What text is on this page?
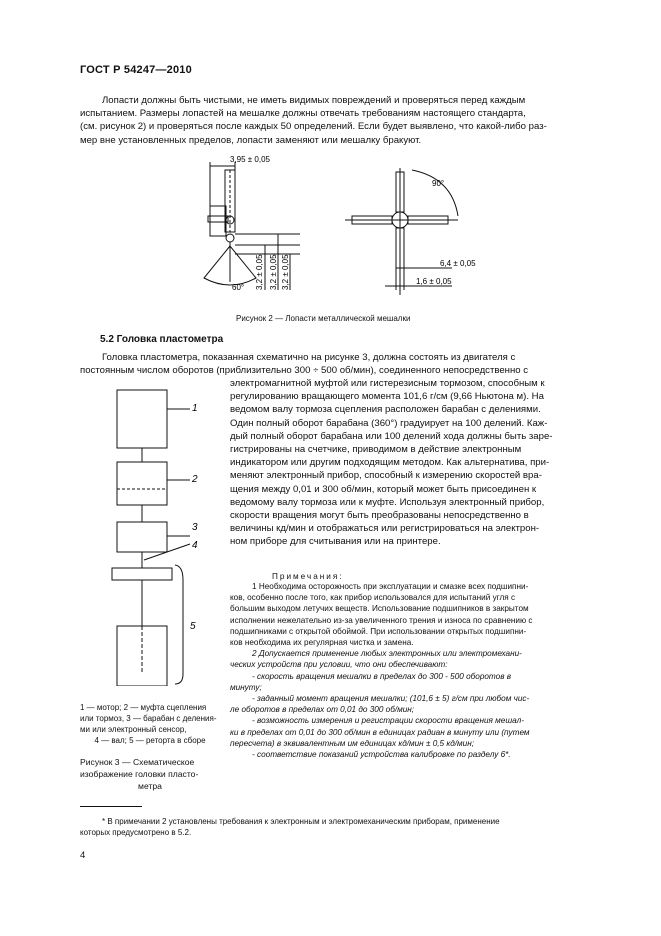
ГОСТ Р 54247—2010

Лопасти должны быть чистыми, не иметь видимых повреждений и проверяться перед каждым

испытанием. Размеры лопастей на мешалке должны отвечать требованиям настоящего стандарта,

(см. рисунок 2) и проверяться после каждых 50 определений. Если будет выявлено, что какой-либо раз-

мер вне установленных пределов, лопасти заменяют или мешалку бракуют.

3,95 ± 0,05
60°
90°
6,4 ± 0,05
1,6 ± 0,05
3,2 ± 0,05 3,2 ± 0,05 3,2 ± 0,05
Рисунок 2 — Лопасти металлической мешалки
5.2 Головка пластометра

Головка пластометра, показанная схематично на рисунке 3, должна состоять из двигателя с

постоянным числом оборотов (приблизительно 300 ÷ 500 об/мин), соединенного непосредственно с

электромагнитной муфтой или гистерезисным тормозом, способным к

регулированию вращающего момента 101,6 г/см (9,66 Ньютона м). На

ведомом валу тормоза сцепления расположен барабан с делениями.

Один полный оборот барабана (360°) градуирует на 100 делений. Каж-

дый полный оборот барабана или 100 делений хода должны быть заре-

гистрированы на счетчике, приводимом в действие электронным

индикатором или другим подходящим методом. Как альтернатива, при-

меняют электронный прибор, способный к измерению скоростей вра-

щения между 0,01 и 300 об/мин, который может быть присоединен к

ведомому валу тормоза или к муфте. Используя электронный прибор,

скорости вращения могут быть преобразованы непосредственно в

величины кд/мин и отображаться или регистрироваться на электрон-

ном приборе для считывания или на принтере.

Примечания:

1 Необходима осторожность при эксплуатации и смазке всех подшипни-

ков, особенно после того, как прибор использовался для испытаний угля с

большим выходом летучих веществ. Использование подшипников в закрытом

исполнении нежелательно из-за увеличенного трения и износа по сравнению с

подшипниками с открытой обоймой. При использовании открытых подшипни-

ков необходима их регулярная чистка и замена.

2 Допускается применение любых электронных или электромехани-

ческих устройств при условии, что они обеспечивают:

- скорость вращения мешалки в пределах до 300 - 500 оборотов в

минуту;

- заданный момент вращения мешалки; (101,6 ± 5) г/см при любом чис-

ле оборотов в пределах от 0,01 до 300 об/мин;

- возможность измерения и регистрации скорости вращения мешал-

ки в пределах от 0,01 до 300 об/мин в единицах радиан в минуту или (путем

пересчета) в эквивалентным им единицах кд/мин ± 0,5 кд/мин;

- соответствие показаний устройства калибровке по разделу 6*.

1
2
3
4
5

1 — мотор; 2 — муфта сцепления

или тормоз, 3 — барабан с деления-

ми или электронный сенсор,

4 — вал; 5 — реторта в сборе

Рисунок 3 — Схематическое

изображение головки пласто-

метра

* В примечании 2 установлены требования к электронным и электромеханическим приборам, применение

которых предусмотрено в 5.2.

4
